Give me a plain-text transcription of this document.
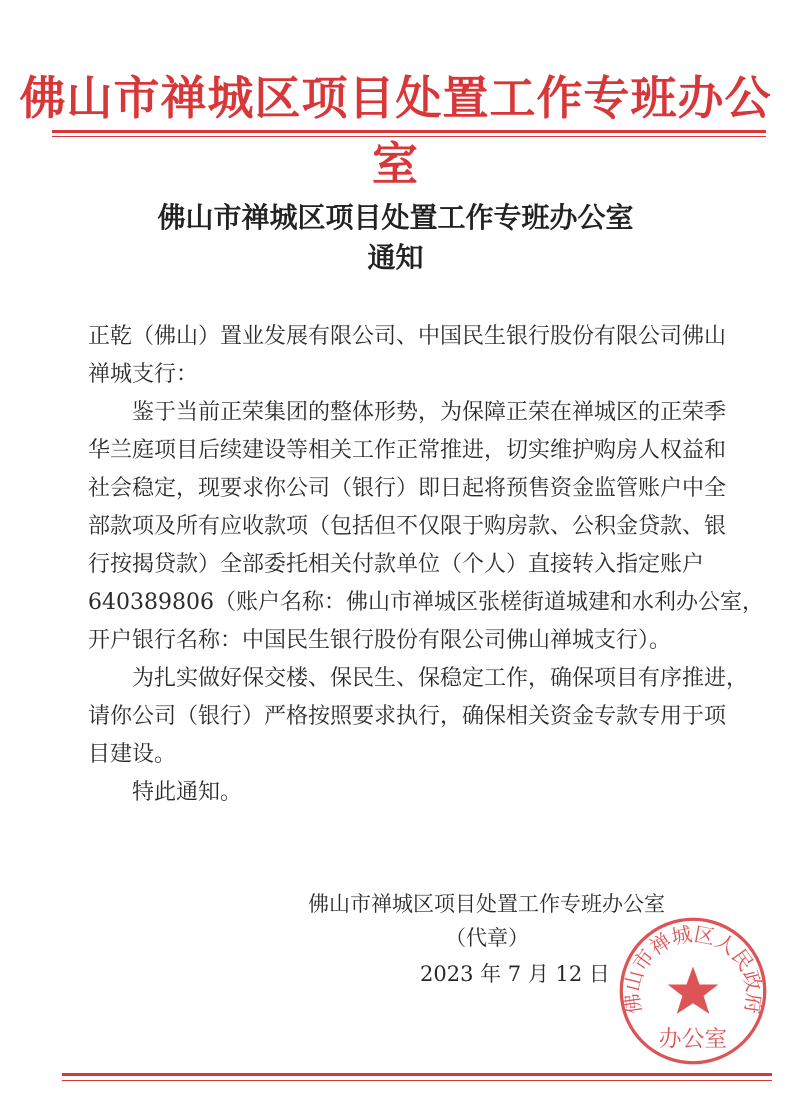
佛山市禅城区项目处置工作专班办公室
佛山市禅城区项目处置工作专班办公室
通知
正乾（佛山）置业发展有限公司、中国民生银行股份有限公司佛山
禅城支行：
鉴于当前正荣集团的整体形势，为保障正荣在禅城区的正荣季
华兰庭项目后续建设等相关工作正常推进，切实维护购房人权益和
社会稳定，现要求你公司（银行）即日起将预售资金监管账户中全
部款项及所有应收款项（包括但不仅限于购房款、公积金贷款、银
行按揭贷款）全部委托相关付款单位（个人）直接转入指定账户
640389806（账户名称：佛山市禅城区张槎街道城建和水利办公室，
开户银行名称：中国民生银行股份有限公司佛山禅城支行）。
为扎实做好保交楼、保民生、保稳定工作，确保项目有序推进，
请你公司（银行）严格按照要求执行，确保相关资金专款专用于项
目建设。
特此通知。
佛山市禅城区人民政府
办公室
佛山市禅城区项目处置工作专班办公室
（代章）
2023 年 7 月 12 日
